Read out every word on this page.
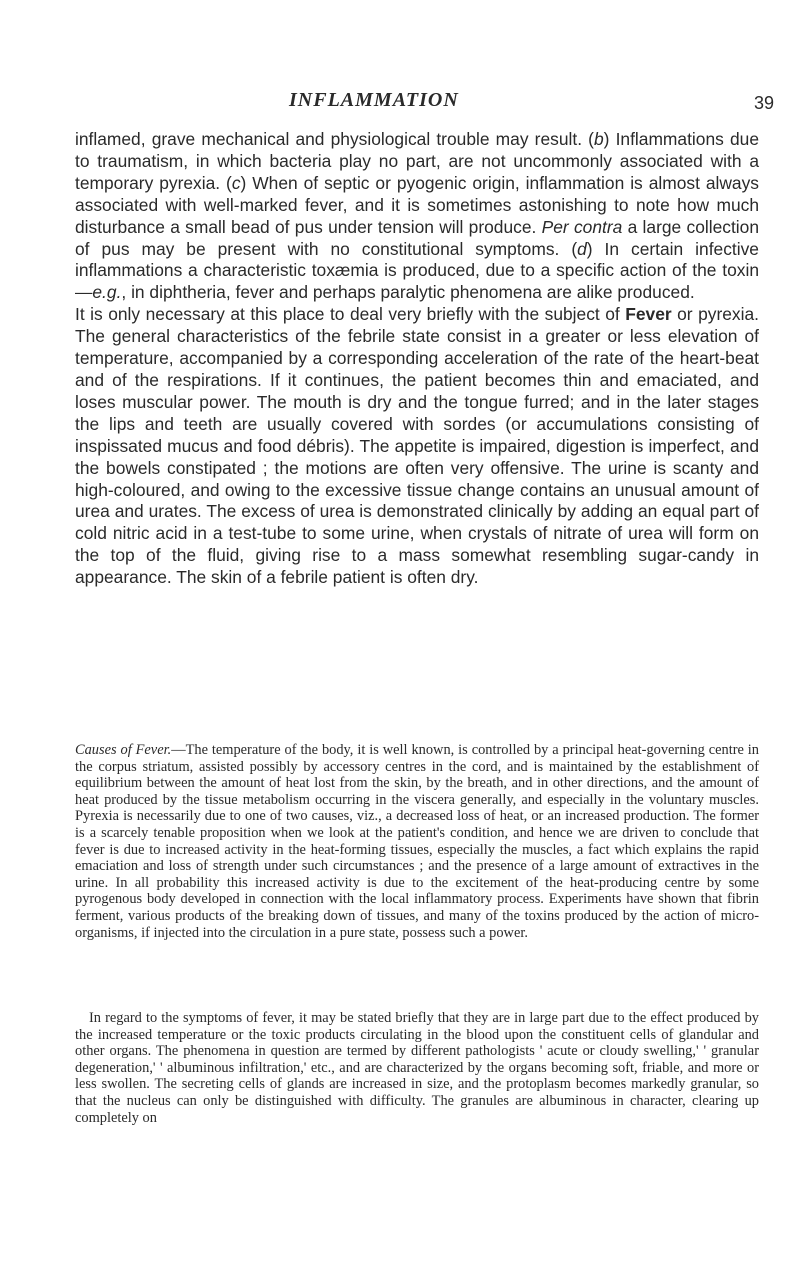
INFLAMMATION	39

inflamed, grave mechanical and physiological trouble may result. (b) Inflammations due to traumatism, in which bacteria play no part, are not uncommonly associated with a temporary pyrexia. (c) When of septic or pyogenic origin, inflammation is almost always associated with well-marked fever, and it is sometimes astonishing to note how much disturbance a small bead of pus under tension will produce. Per contra a large collection of pus may be present with no constitutional symptoms. (d) In certain infective inflammations a characteristic toxæmia is produced, due to a specific action of the toxin—e.g., in diphtheria, fever and perhaps paralytic phenomena are alike produced.
It is only necessary at this place to deal very briefly with the subject of Fever or pyrexia. The general characteristics of the febrile state consist in a greater or less elevation of temperature, accompanied by a corresponding acceleration of the rate of the heart-beat and of the respirations. If it continues, the patient becomes thin and emaciated, and loses muscular power. The mouth is dry and the tongue furred; and in the later stages the lips and teeth are usually covered with sordes (or accumulations consisting of inspissated mucus and food débris). The appetite is impaired, digestion is imperfect, and the bowels constipated ; the motions are often very offensive. The urine is scanty and high-coloured, and owing to the excessive tissue change contains an unusual amount of urea and urates. The excess of urea is demonstrated clinically by adding an equal part of cold nitric acid in a test-tube to some urine, when crystals of nitrate of urea will form on the top of the fluid, giving rise to a mass somewhat resembling sugar-candy in appearance. The skin of a febrile patient is often dry.

Causes of Fever.—The temperature of the body, it is well known, is controlled by a principal heat-governing centre in the corpus striatum, assisted possibly by accessory centres in the cord, and is maintained by the establishment of equilibrium between the amount of heat lost from the skin, by the breath, and in other directions, and the amount of heat produced by the tissue metabolism occurring in the viscera generally, and especially in the voluntary muscles. Pyrexia is necessarily due to one of two causes, viz., a decreased loss of heat, or an increased production. The former is a scarcely tenable proposition when we look at the patient's condition, and hence we are driven to conclude that fever is due to increased activity in the heat-forming tissues, especially the muscles, a fact which explains the rapid emaciation and loss of strength under such circumstances ; and the presence of a large amount of extractives in the urine. In all probability this increased activity is due to the excitement of the heat-producing centre by some pyrogenous body developed in connection with the local inflammatory process. Experiments have shown that fibrin ferment, various products of the breaking down of tissues, and many of the toxins produced by the action of micro-organisms, if injected into the circulation in a pure state, possess such a power.

In regard to the symptoms of fever, it may be stated briefly that they are in large part due to the effect produced by the increased temperature or the toxic products circulating in the blood upon the constituent cells of glandular and other organs. The phenomena in question are termed by different pathologists ' acute or cloudy swelling,' ' granular degeneration,' ' albuminous infiltration,' etc., and are characterized by the organs becoming soft, friable, and more or less swollen. The secreting cells of glands are increased in size, and the protoplasm becomes markedly granular, so that the nucleus can only be distinguished with difficulty. The granules are albuminous in character, clearing up completely on
